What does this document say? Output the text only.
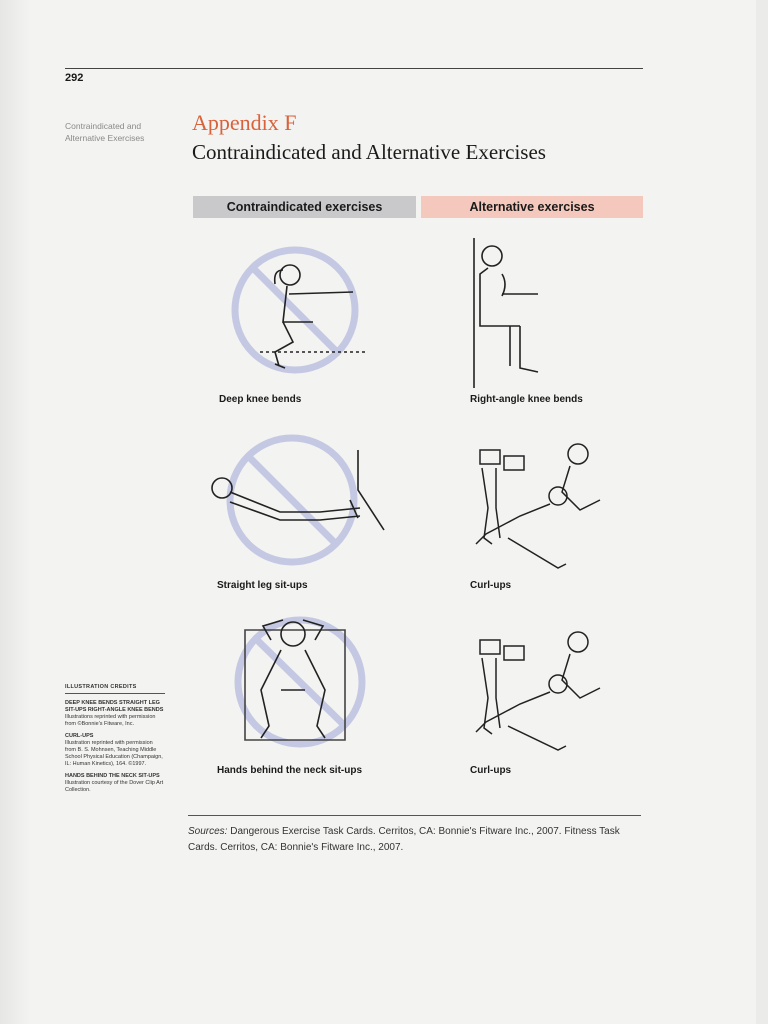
292
Contraindicated and Alternative Exercises
Appendix F
Contraindicated and Alternative Exercises
Contraindicated exercises	Alternative exercises
Deep knee bends	Right-angle knee bends
Straight leg sit-ups	Curl-ups
Hands behind the neck sit-ups	Curl-ups
ILLUSTRATION CREDITS
DEEP KNEE BENDS STRAIGHT LEG SIT-UPS RIGHT-ANGLE KNEE BENDS
Illustrations reprinted with permission from ©Bonnie's Fitware, Inc.
CURL-UPS
Illustration reprinted with permission from B. S. Mohnsen, Teaching Middle School Physical Education (Champaign, IL: Human Kinetics), 164. ©1997.
HANDS BEHIND THE NECK SIT-UPS
Illustration courtesy of the Dover Clip Art Collection.
Sources: Dangerous Exercise Task Cards. Cerritos, CA: Bonnie's Fitware Inc., 2007. Fitness Task Cards. Cerritos, CA: Bonnie's Fitware Inc., 2007.
